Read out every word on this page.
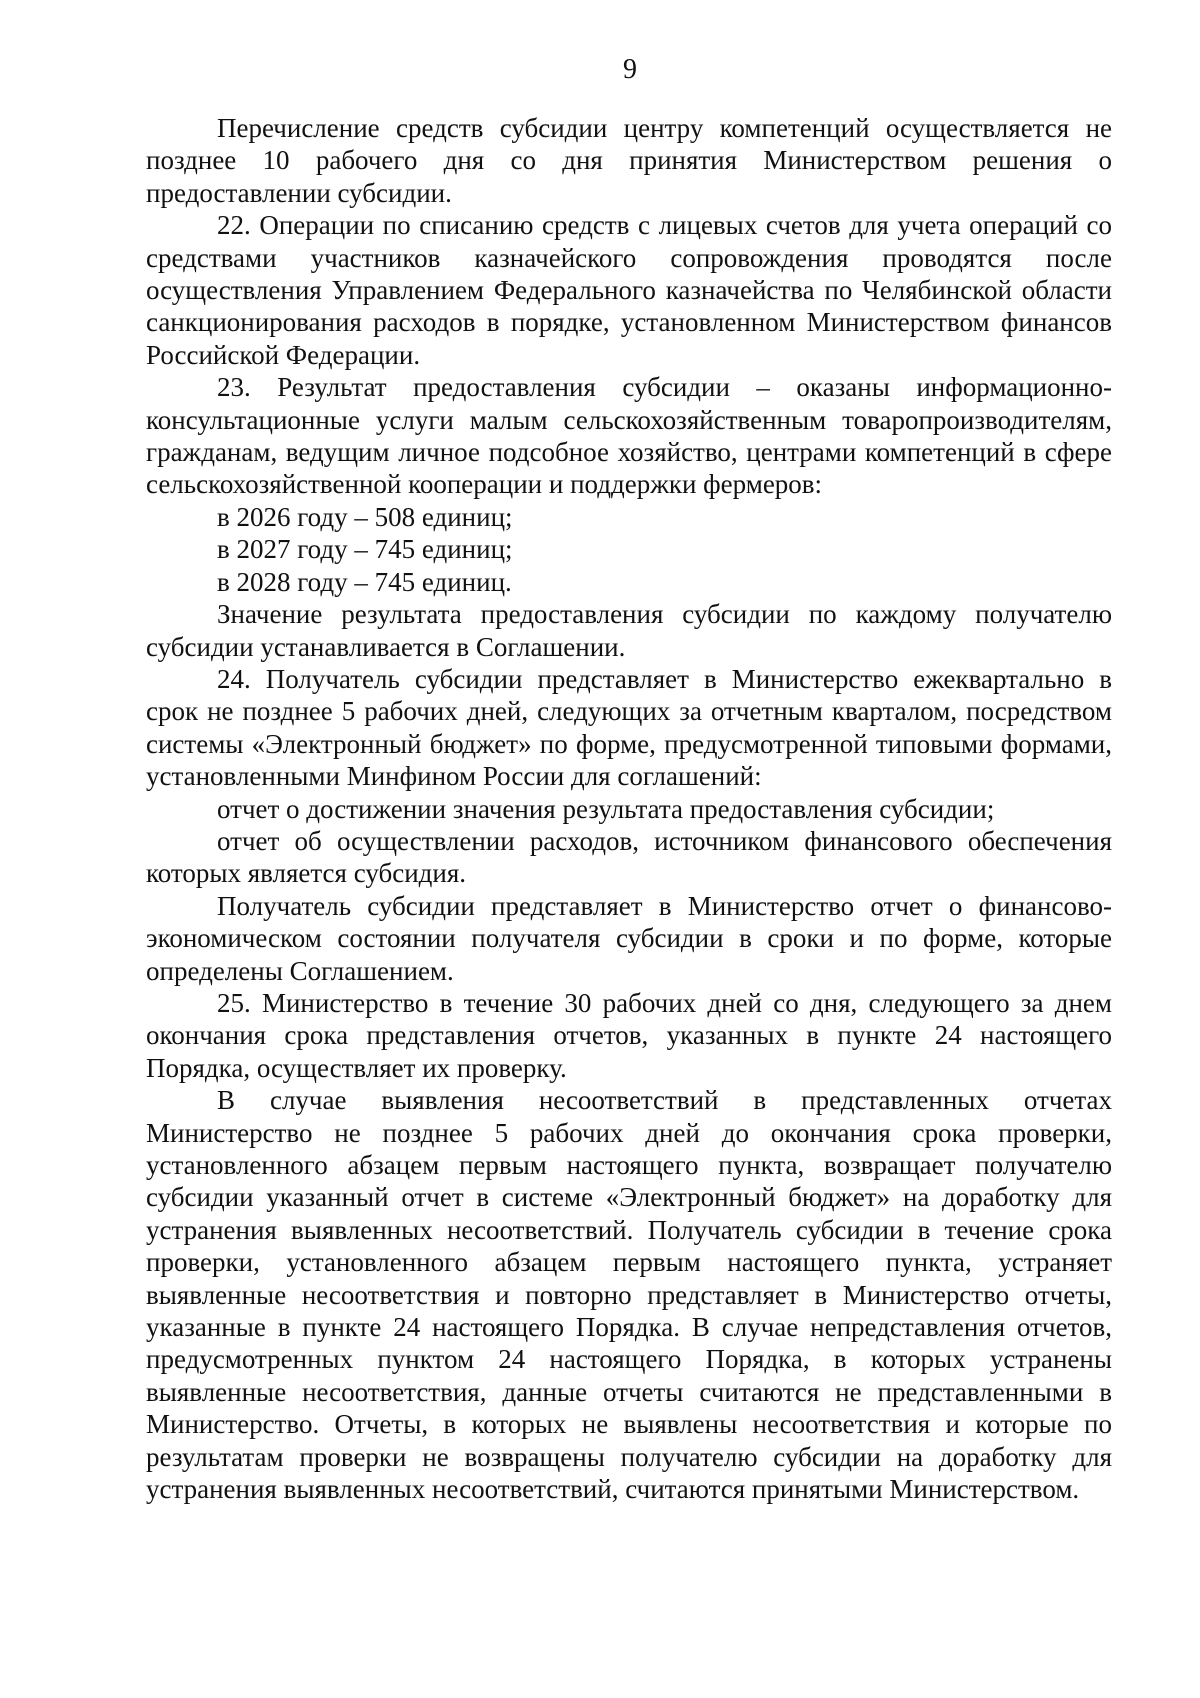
9

Перечисление средств субсидии центру компетенций осуществляется не позднее 10 рабочего дня со дня принятия Министерством решения о предоставлении субсидии.

22. Операции по списанию средств с лицевых счетов для учета операций со средствами участников казначейского сопровождения проводятся после осуществления Управлением Федерального казначейства по Челябинской области санкционирования расходов в порядке, установленном Министерством финансов Российской Федерации.

23. Результат предоставления субсидии – оказаны информационно-консультационные услуги малым сельскохозяйственным товаропроизводителям, гражданам, ведущим личное подсобное хозяйство, центрами компетенций в сфере сельскохозяйственной кооперации и поддержки фермеров:

в 2026 году – 508 единиц;

в 2027 году – 745 единиц;

в 2028 году – 745 единиц.

Значение результата предоставления субсидии по каждому получателю субсидии устанавливается в Соглашении.

24. Получатель субсидии представляет в Министерство ежеквартально в срок не позднее 5 рабочих дней, следующих за отчетным кварталом, посредством системы «Электронный бюджет» по форме, предусмотренной типовыми формами, установленными Минфином России для соглашений:

отчет о достижении значения результата предоставления субсидии;

отчет об осуществлении расходов, источником финансового обеспечения которых является субсидия.

Получатель субсидии представляет в Министерство отчет о финансово-экономическом состоянии получателя субсидии в сроки и по форме, которые определены Соглашением.

25. Министерство в течение 30 рабочих дней со дня, следующего за днем окончания срока представления отчетов, указанных в пункте 24 настоящего Порядка, осуществляет их проверку.

В случае выявления несоответствий в представленных отчетах Министерство не позднее 5 рабочих дней до окончания срока проверки, установленного абзацем первым настоящего пункта, возвращает получателю субсидии указанный отчет в системе «Электронный бюджет» на доработку для устранения выявленных несоответствий. Получатель субсидии в течение срока проверки, установленного абзацем первым настоящего пункта, устраняет выявленные несоответствия и повторно представляет в Министерство отчеты, указанные в пункте 24 настоящего Порядка. В случае непредставления отчетов, предусмотренных пунктом 24 настоящего Порядка, в которых устранены выявленные несоответствия, данные отчеты считаются не представленными в Министерство. Отчеты, в которых не выявлены несоответствия и которые по результатам проверки не возвращены получателю субсидии на доработку для устранения выявленных несоответствий, считаются принятыми Министерством.
